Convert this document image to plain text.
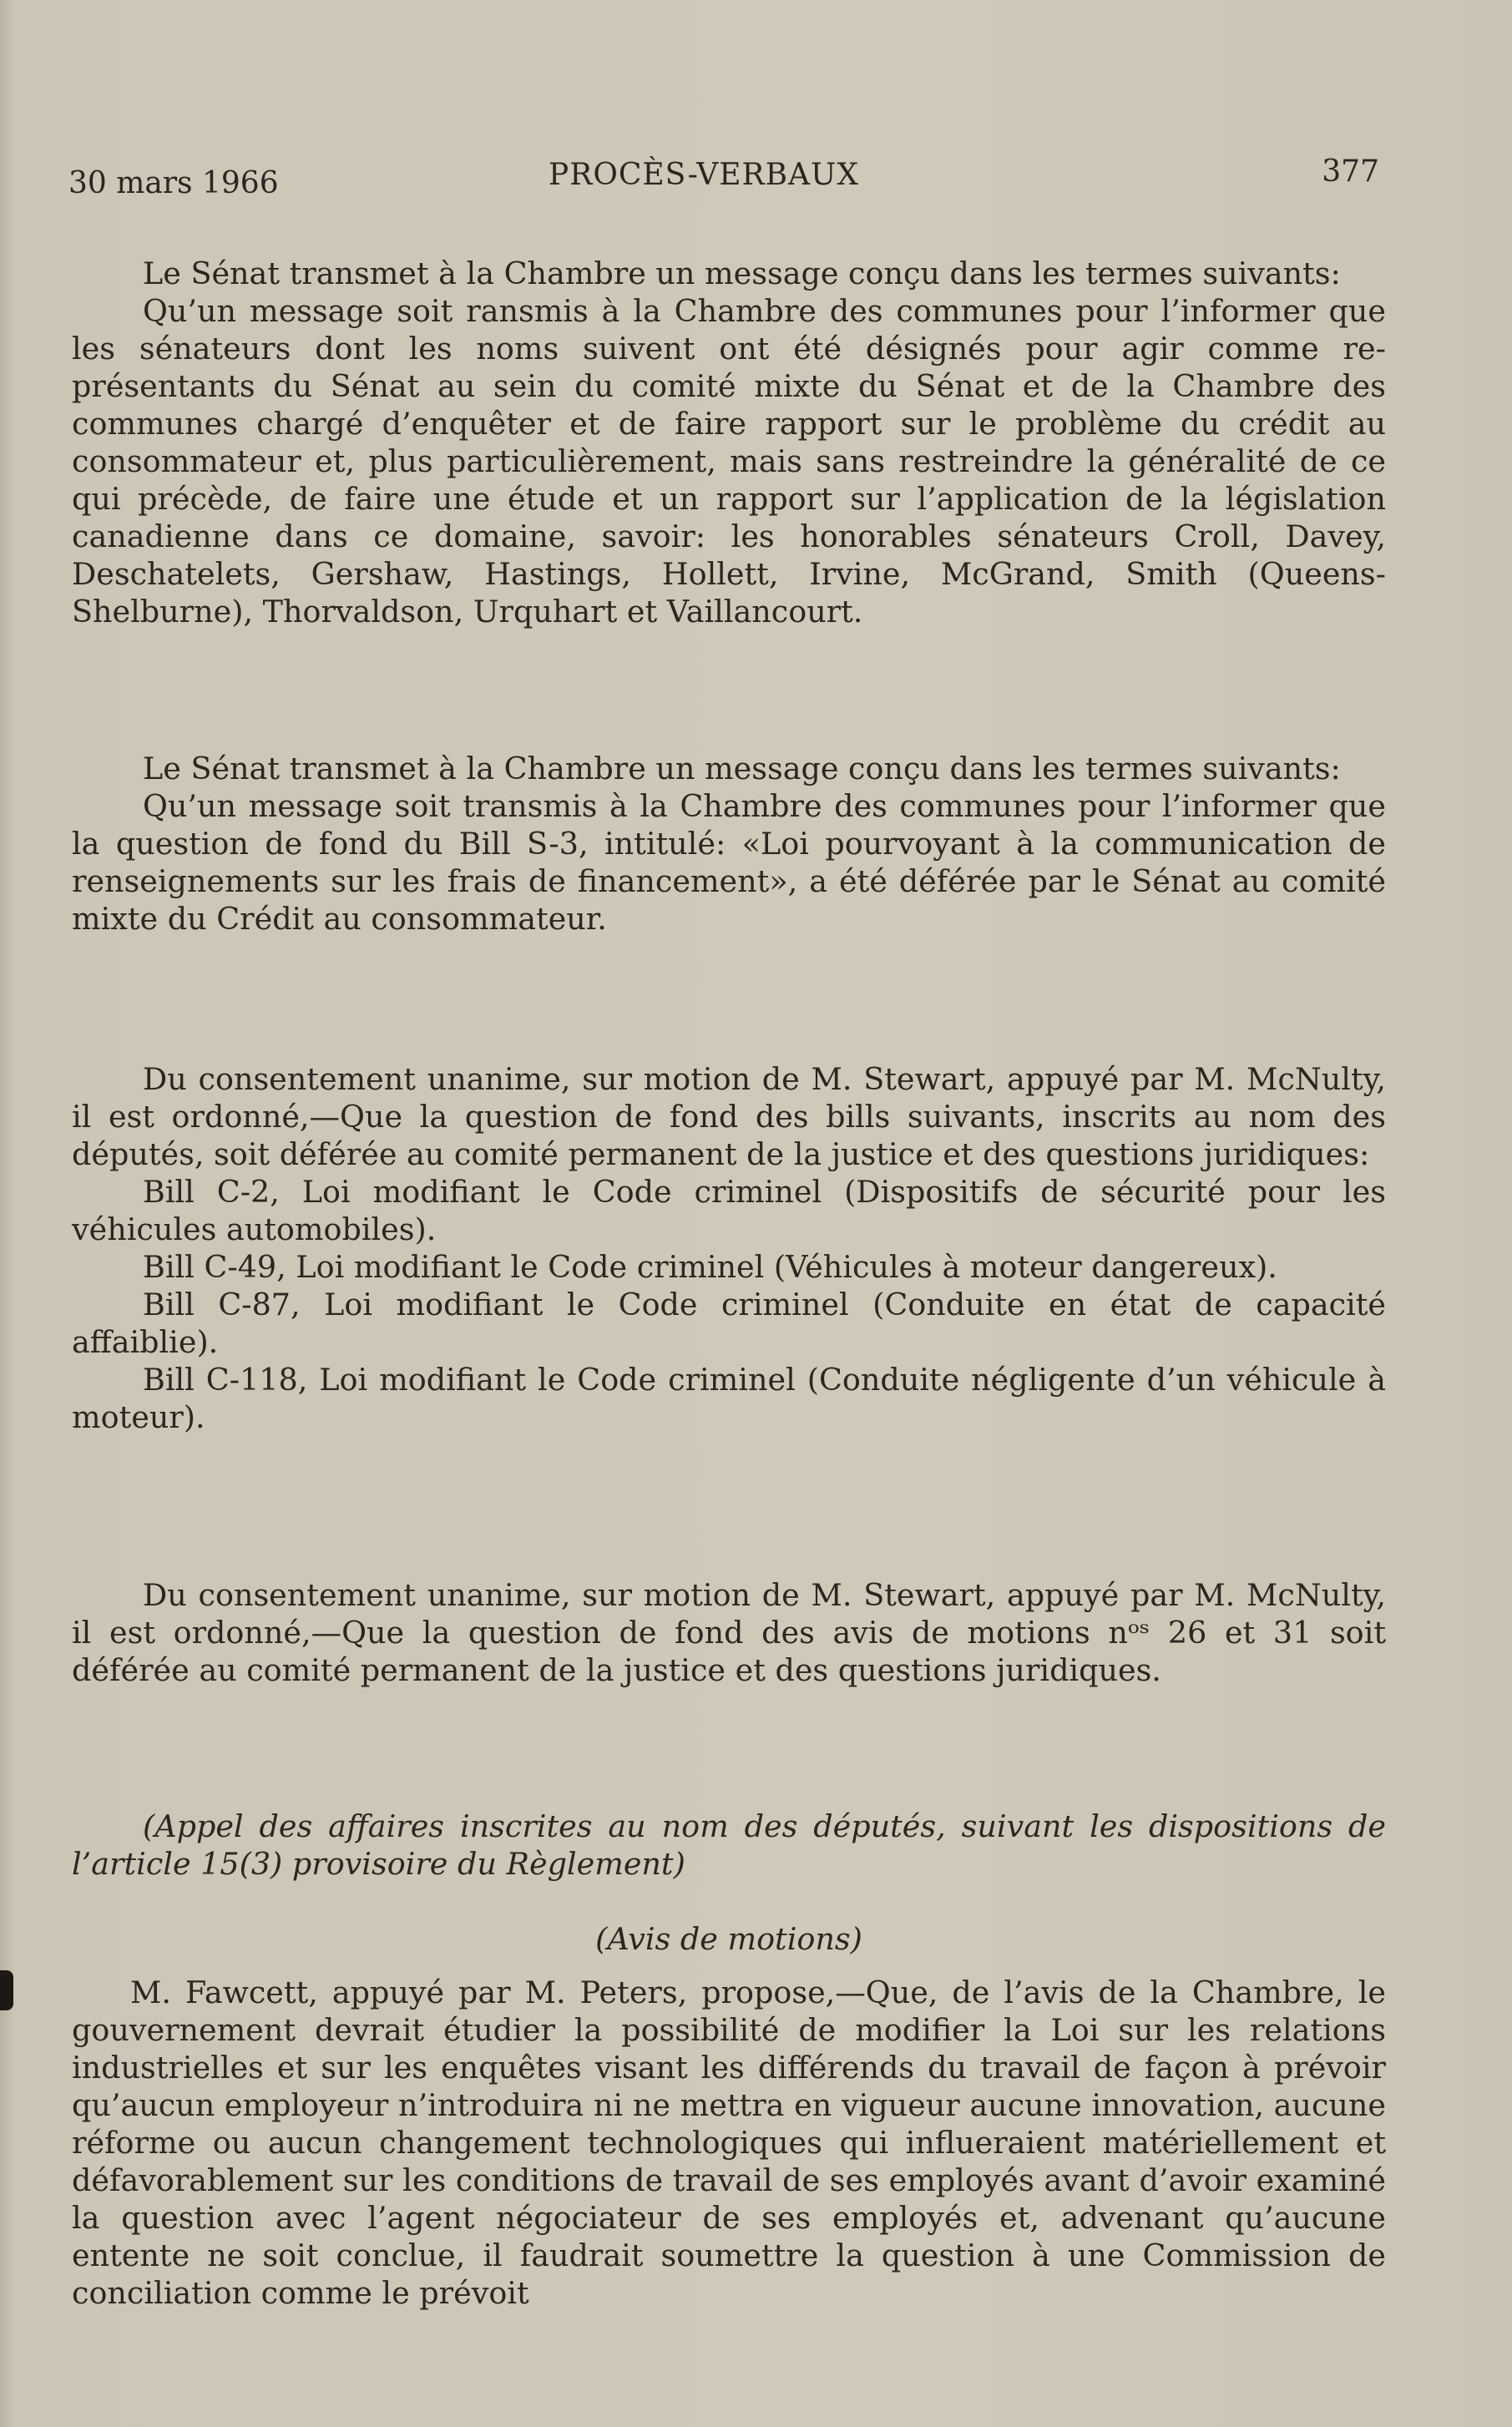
30 mars 1966	PROCÈS-VERBAUX	377

Le Sénat transmet à la Chambre un message conçu dans les termes suivants:

Qu’un message soit ransmis à la Chambre des communes pour l’informer que les sénateurs dont les noms suivent ont été désignés pour agir comme représentants du Sénat au sein du comité mixte du Sénat et de la Chambre des communes chargé d’enquêter et de faire rapport sur le problème du crédit au consommateur et, plus particulièrement, mais sans restreindre la généralité de ce qui précède, de faire une étude et un rapport sur l’application de la législation canadienne dans ce domaine, savoir: les honorables sénateurs Croll, Davey, Deschatelets, Gershaw, Hastings, Hollett, Irvine, McGrand, Smith (Queens-Shelburne), Thorvaldson, Urquhart et Vaillancourt.

Le Sénat transmet à la Chambre un message conçu dans les termes suivants:

Qu’un message soit transmis à la Chambre des communes pour l’informer que la question de fond du Bill S-3, intitulé: «Loi pourvoyant à la communication de renseignements sur les frais de financement», a été déférée par le Sénat au comité mixte du Crédit au consommateur.

Du consentement unanime, sur motion de M. Stewart, appuyé par M. McNulty, il est ordonné,—Que la question de fond des bills suivants, inscrits au nom des députés, soit déférée au comité permanent de la justice et des questions juridiques:

Bill C-2, Loi modifiant le Code criminel (Dispositifs de sécurité pour les véhicules automobiles).

Bill C-49, Loi modifiant le Code criminel (Véhicules à moteur dangereux).

Bill C-87, Loi modifiant le Code criminel (Conduite en état de capacité affaiblie).

Bill C-118, Loi modifiant le Code criminel (Conduite négligente d’un véhicule à moteur).

Du consentement unanime, sur motion de M. Stewart, appuyé par M. McNulty, il est ordonné,—Que la question de fond des avis de motions nᵒˢ 26 et 31 soit déférée au comité permanent de la justice et des questions juridiques.

(Appel des affaires inscrites au nom des députés, suivant les dispositions de l’article 15(3) provisoire du Règlement)

(Avis de motions)

M. Fawcett, appuyé par M. Peters, propose,—Que, de l’avis de la Chambre, le gouvernement devrait étudier la possibilité de modifier la Loi sur les relations industrielles et sur les enquêtes visant les différends du travail de façon à prévoir qu’aucun employeur n’introduira ni ne mettra en vigueur aucune innovation, aucune réforme ou aucun changement technologiques qui influeraient matériellement et défavorablement sur les conditions de travail de ses employés avant d’avoir examiné la question avec l’agent négociateur de ses employés et, advenant qu’aucune entente ne soit conclue, il faudrait soumettre la question à une Commission de conciliation comme le prévoit
